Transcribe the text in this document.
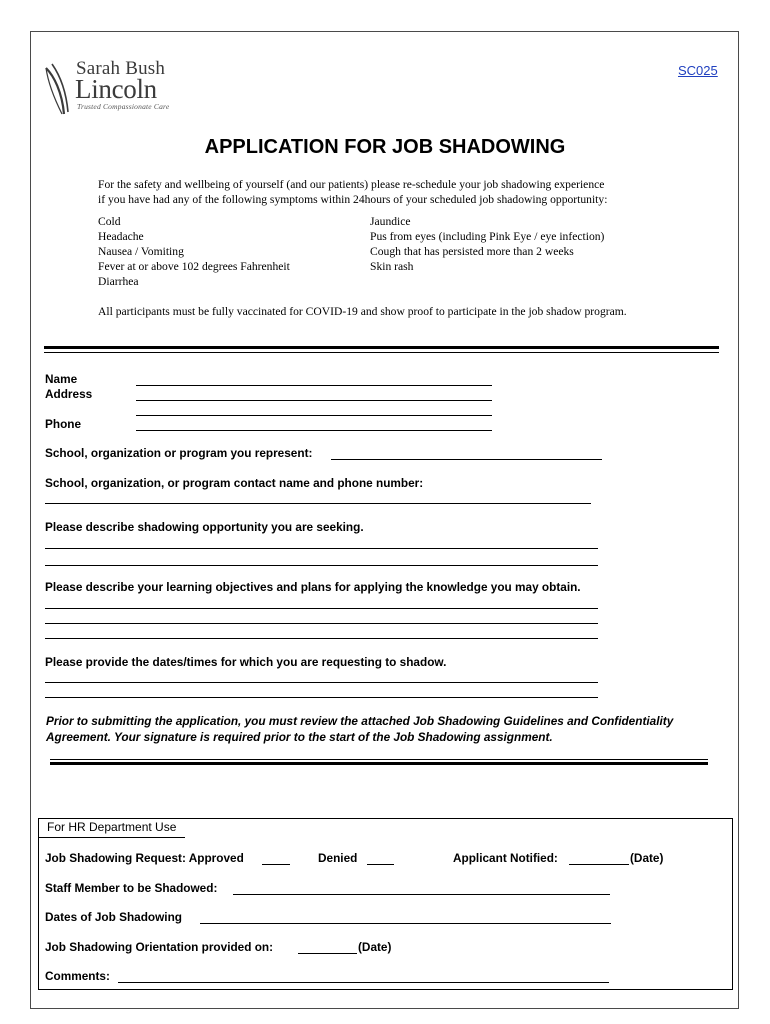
Sarah Bush
Lincoln
Trusted Compassionate Care
SC025
APPLICATION FOR JOB SHADOWING
For the safety and wellbeing of yourself (and our patients) please re-schedule your job shadowing experience
if you have had any of the following symptoms within 24hours of your scheduled job shadowing opportunity:
Cold
Headache
Nausea / Vomiting
Fever at or above 102 degrees Fahrenheit
Diarrhea
Jaundice
Pus from eyes (including Pink Eye / eye infection)
Cough that has persisted more than 2 weeks
Skin rash
All participants must be fully vaccinated for COVID-19 and show proof to participate in the job shadow program.
Name
Address
Phone
School, organization or program you represent:
School, organization, or program contact name and phone number:
Please describe shadowing opportunity you are seeking.
Please describe your learning objectives and plans for applying the knowledge you may obtain.
Please provide the dates/times for which you are requesting to shadow.
Prior to submitting the application, you must review the attached Job Shadowing Guidelines and Confidentiality Agreement. Your signature is required prior to the start of the Job Shadowing assignment.
For HR Department Use
Job Shadowing Request: Approved	Denied	Applicant Notified:	(Date)
Staff Member to be Shadowed:
Dates of Job Shadowing
Job Shadowing Orientation provided on:	(Date)
Comments:
